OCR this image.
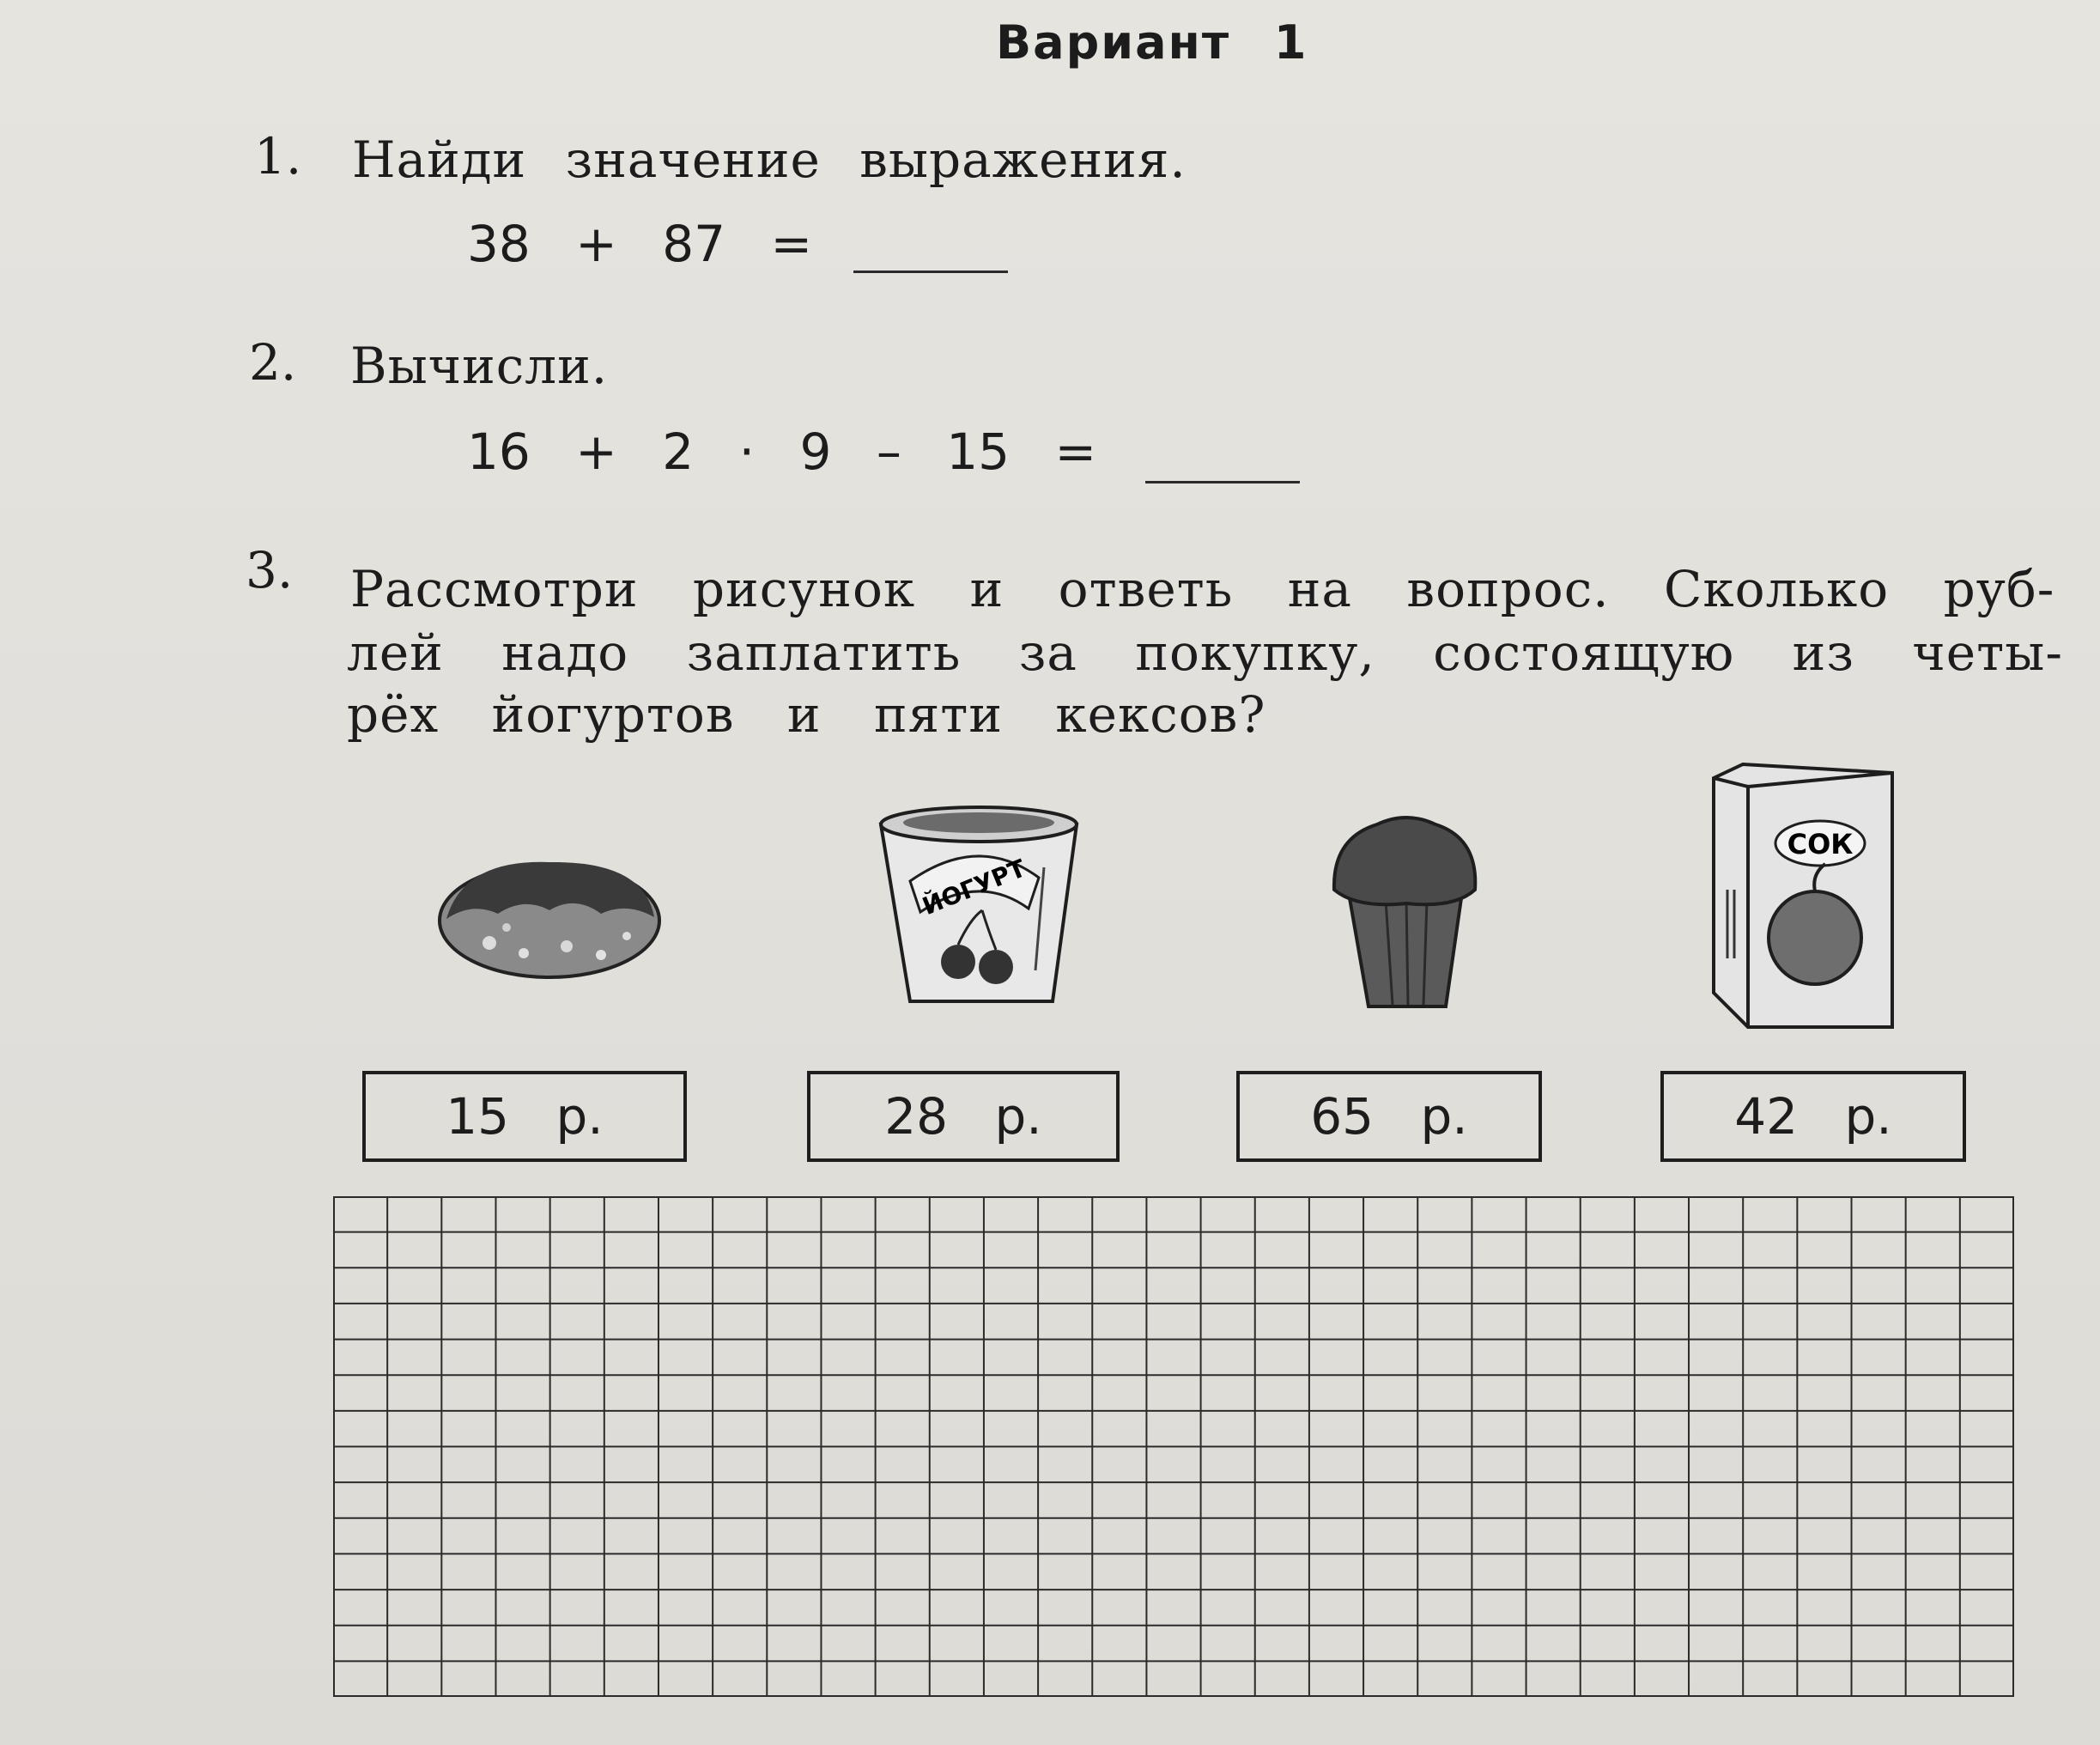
Вариант 1
1. Найди значение выражения.
38 + 87 =
2. Вычисли.
16 + 2 · 9 – 15 =
3. Рассмотри рисунок и ответь на вопрос. Сколько руб-
лей надо заплатить за покупку, состоящую из четы-
рёх йогуртов и пяти кексов?
ЙОГУРТ
СОК
15 р.	28 р.	65 р.	42 р.
